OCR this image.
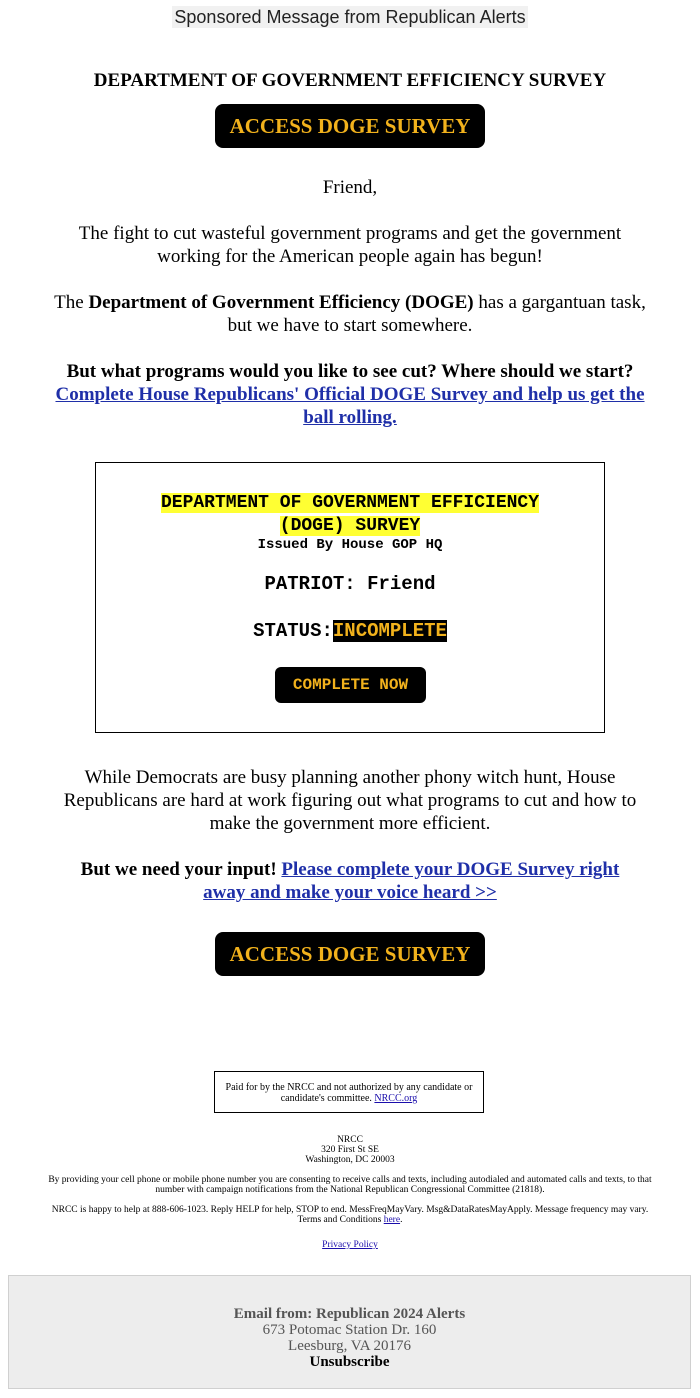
Sponsored Message from Republican Alerts
DEPARTMENT OF GOVERNMENT EFFICIENCY SURVEY
ACCESS DOGE SURVEY

Friend,

The fight to cut wasteful government programs and get the government working for the American people again has begun!

The Department of Government Efficiency (DOGE) has a gargantuan task, but we have to start somewhere.

But what programs would you like to see cut? Where should we start?
Complete House Republicans' Official DOGE Survey and help us get the ball rolling.

DEPARTMENT OF GOVERNMENT EFFICIENCY
(DOGE) SURVEY
Issued By House GOP HQ
PATRIOT: Friend
STATUS:INCOMPLETE
COMPLETE NOW

While Democrats are busy planning another phony witch hunt, House Republicans are hard at work figuring out what programs to cut and how to make the government more efficient.

But we need your input! Please complete your DOGE Survey right away and make your voice heard >>

ACCESS DOGE SURVEY
Paid for by the NRCC and not authorized by any candidate or candidate's committee. NRCC.org

NRCC
320 First St SE
Washington, DC 20003

By providing your cell phone or mobile phone number you are consenting to receive calls and texts, including autodialed and automated calls and texts, to that number with campaign notifications from the National Republican Congressional Committee (21818).

NRCC is happy to help at 888-606-1023. Reply HELP for help, STOP to end. MessFreqMayVary. Msg&DataRatesMayApply. Message frequency may vary. Terms and Conditions here.

Privacy Policy

Email from: Republican 2024 Alerts
673 Potomac Station Dr. 160
Leesburg, VA 20176
Unsubscribe
